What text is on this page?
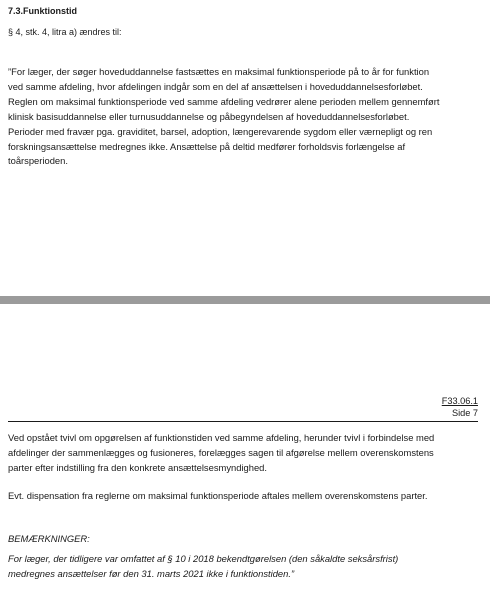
7.3.Funktionstid

§ 4, stk. 4, litra a) ændres til:

”For læger, der søger hoveduddannelse fastsættes en maksimal funktionsperiode på to år for funktion
ved samme afdeling, hvor afdelingen indgår som en del af ansættelsen i hoveduddannelsesforløbet.
Reglen om maksimal funktionsperiode ved samme afdeling vedrører alene perioden mellem gennemført
klinisk basisuddannelse eller turnusuddannelse og påbegyndelsen af hoveduddannelsesforløbet.
Perioder med fravær pga. graviditet, barsel, adoption, længerevarende sygdom eller værnepligt og ren
forskningsansættelse medregnes ikke. Ansættelse på deltid medfører forholdsvis forlængelse af
toårsperioden.

F33.06.1

Side 7

Ved opstået tvivl om opgørelsen af funktionstiden ved samme afdeling, herunder tvivl i forbindelse med
afdelinger der sammenlægges og fusioneres, forelægges sagen til afgørelse mellem overenskomstens
parter efter indstilling fra den konkrete ansættelsesmyndighed.

Evt. dispensation fra reglerne om maksimal funktionsperiode aftales mellem overenskomstens parter.

BEMÆRKNINGER:

For læger, der tidligere var omfattet af § 10 i 2018 bekendtgørelsen (den såkaldte seksårsfrist)
medregnes ansættelser før den 31. marts 2021 ikke i funktionstiden.”
